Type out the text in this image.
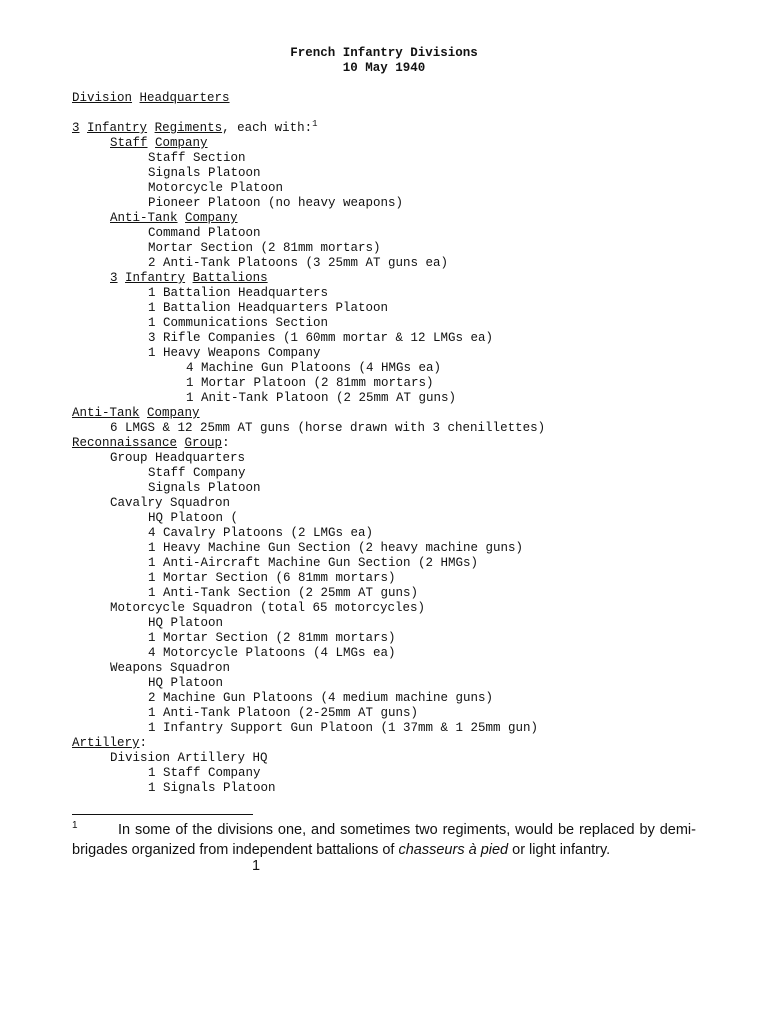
French Infantry Divisions
10 May 1940
Division Headquarters
3 Infantry Regiments, each with:$^1$
Staff Company
Staff Section
Signals Platoon
Motorcycle Platoon
Pioneer Platoon (no heavy weapons)
Anti-Tank Company
Command Platoon
Mortar Section (2 81mm mortars)
2 Anti-Tank Platoons (3 25mm AT guns ea)
3 Infantry Battalions
1 Battalion Headquarters
1 Battalion Headquarters Platoon
1 Communications Section
3 Rifle Companies (1 60mm mortar & 12 LMGs ea)
1 Heavy Weapons Company
4 Machine Gun Platoons (4 HMGs ea)
1 Mortar Platoon (2 81mm mortars)
1 Anit-Tank Platoon (2 25mm AT guns)
Anti-Tank Company
6 LMGS & 12 25mm AT guns (horse drawn with 3 chenillettes)
Reconnaissance Group:
Group Headquarters
Staff Company
Signals Platoon
Cavalry Squadron
HQ Platoon (
4 Cavalry Platoons (2 LMGs ea)
1 Heavy Machine Gun Section (2 heavy machine guns)
1 Anti-Aircraft Machine Gun Section (2 HMGs)
1 Mortar Section (6 81mm mortars)
1 Anti-Tank Section (2 25mm AT guns)
Motorcycle Squadron (total 65 motorcycles)
HQ Platoon
1 Mortar Section (2 81mm mortars)
4 Motorcycle Platoons (4 LMGs ea)
Weapons Squadron
HQ Platoon
2 Machine Gun Platoons (4 medium machine guns)
1 Anti-Tank Platoon (2-25mm AT guns)
1 Infantry Support Gun Platoon (1 37mm & 1 25mm gun)
Artillery:
Division Artillery HQ
1 Staff Company
1 Signals Platoon
1	In some of the divisions one, and sometimes two regiments, would be replaced by demi-brigades organized from independent battalions of chasseurs à pied or light infantry.
1
